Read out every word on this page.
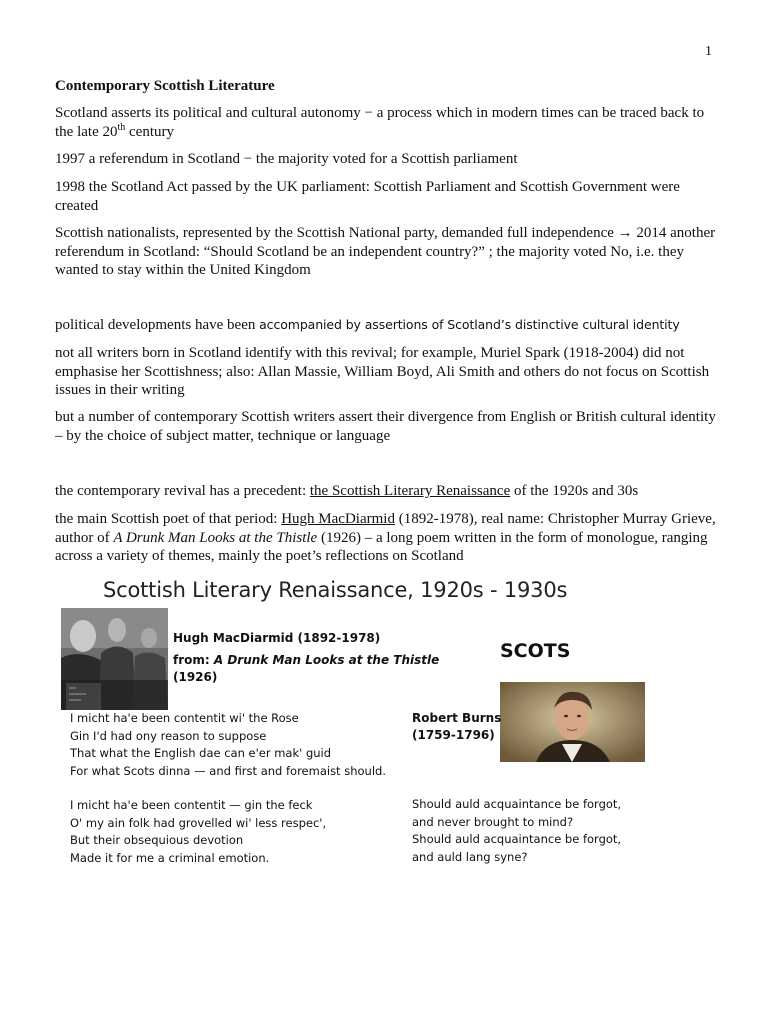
1
Contemporary Scottish Literature

Scotland asserts its political and cultural autonomy − a process which in modern times can be traced back to the late 20th century

1997 a referendum in Scotland − the majority voted for a Scottish parliament

1998 the Scotland Act passed by the UK parliament: Scottish Parliament and Scottish Government were created

Scottish nationalists, represented by the Scottish National party, demanded full independence → 2014 another referendum in Scotland: “Should Scotland be an independent country?” ; the majority voted No, i.e. they wanted to stay within the United Kingdom

political developments have been accompanied by assertions of Scotland’s distinctive cultural identity

not all writers born in Scotland identify with this revival; for example, Muriel Spark (1918-2004) did not emphasise her Scottishness; also: Allan Massie, William Boyd, Ali Smith and others do not focus on Scottish issues in their writing

but a number of contemporary Scottish writers assert their divergence from English or British cultural identity – by the choice of subject matter, technique or language

the contemporary revival has a precedent: the Scottish Literary Renaissance of the 1920s and 30s

the main Scottish poet of that period: Hugh MacDiarmid (1892-1978), real name: Christopher Murray Grieve, author of A Drunk Man Looks at the Thistle (1926) – a long poem written in the form of monologue, ranging across a variety of themes, mainly the poet’s reflections on Scotland

Scottish Literary Renaissance, 1920s - 1930s
Hugh MacDiarmid (1892-1978)
from: A Drunk Man Looks at the Thistle
(1926)
SCOTS
Robert Burns
(1759-1796)
I micht ha'e been contentit wi' the Rose
Gin I'd had ony reason to suppose
That what the English dae can e'er mak' guid
For what Scots dinna — and first and foremaist should.
I micht ha'e been contentit — gin the feck
O' my ain folk had grovelled wi' less respec',
But their obsequious devotion
Made it for me a criminal emotion.
Should auld acquaintance be forgot,
and never brought to mind?
Should auld acquaintance be forgot,
and auld lang syne?
